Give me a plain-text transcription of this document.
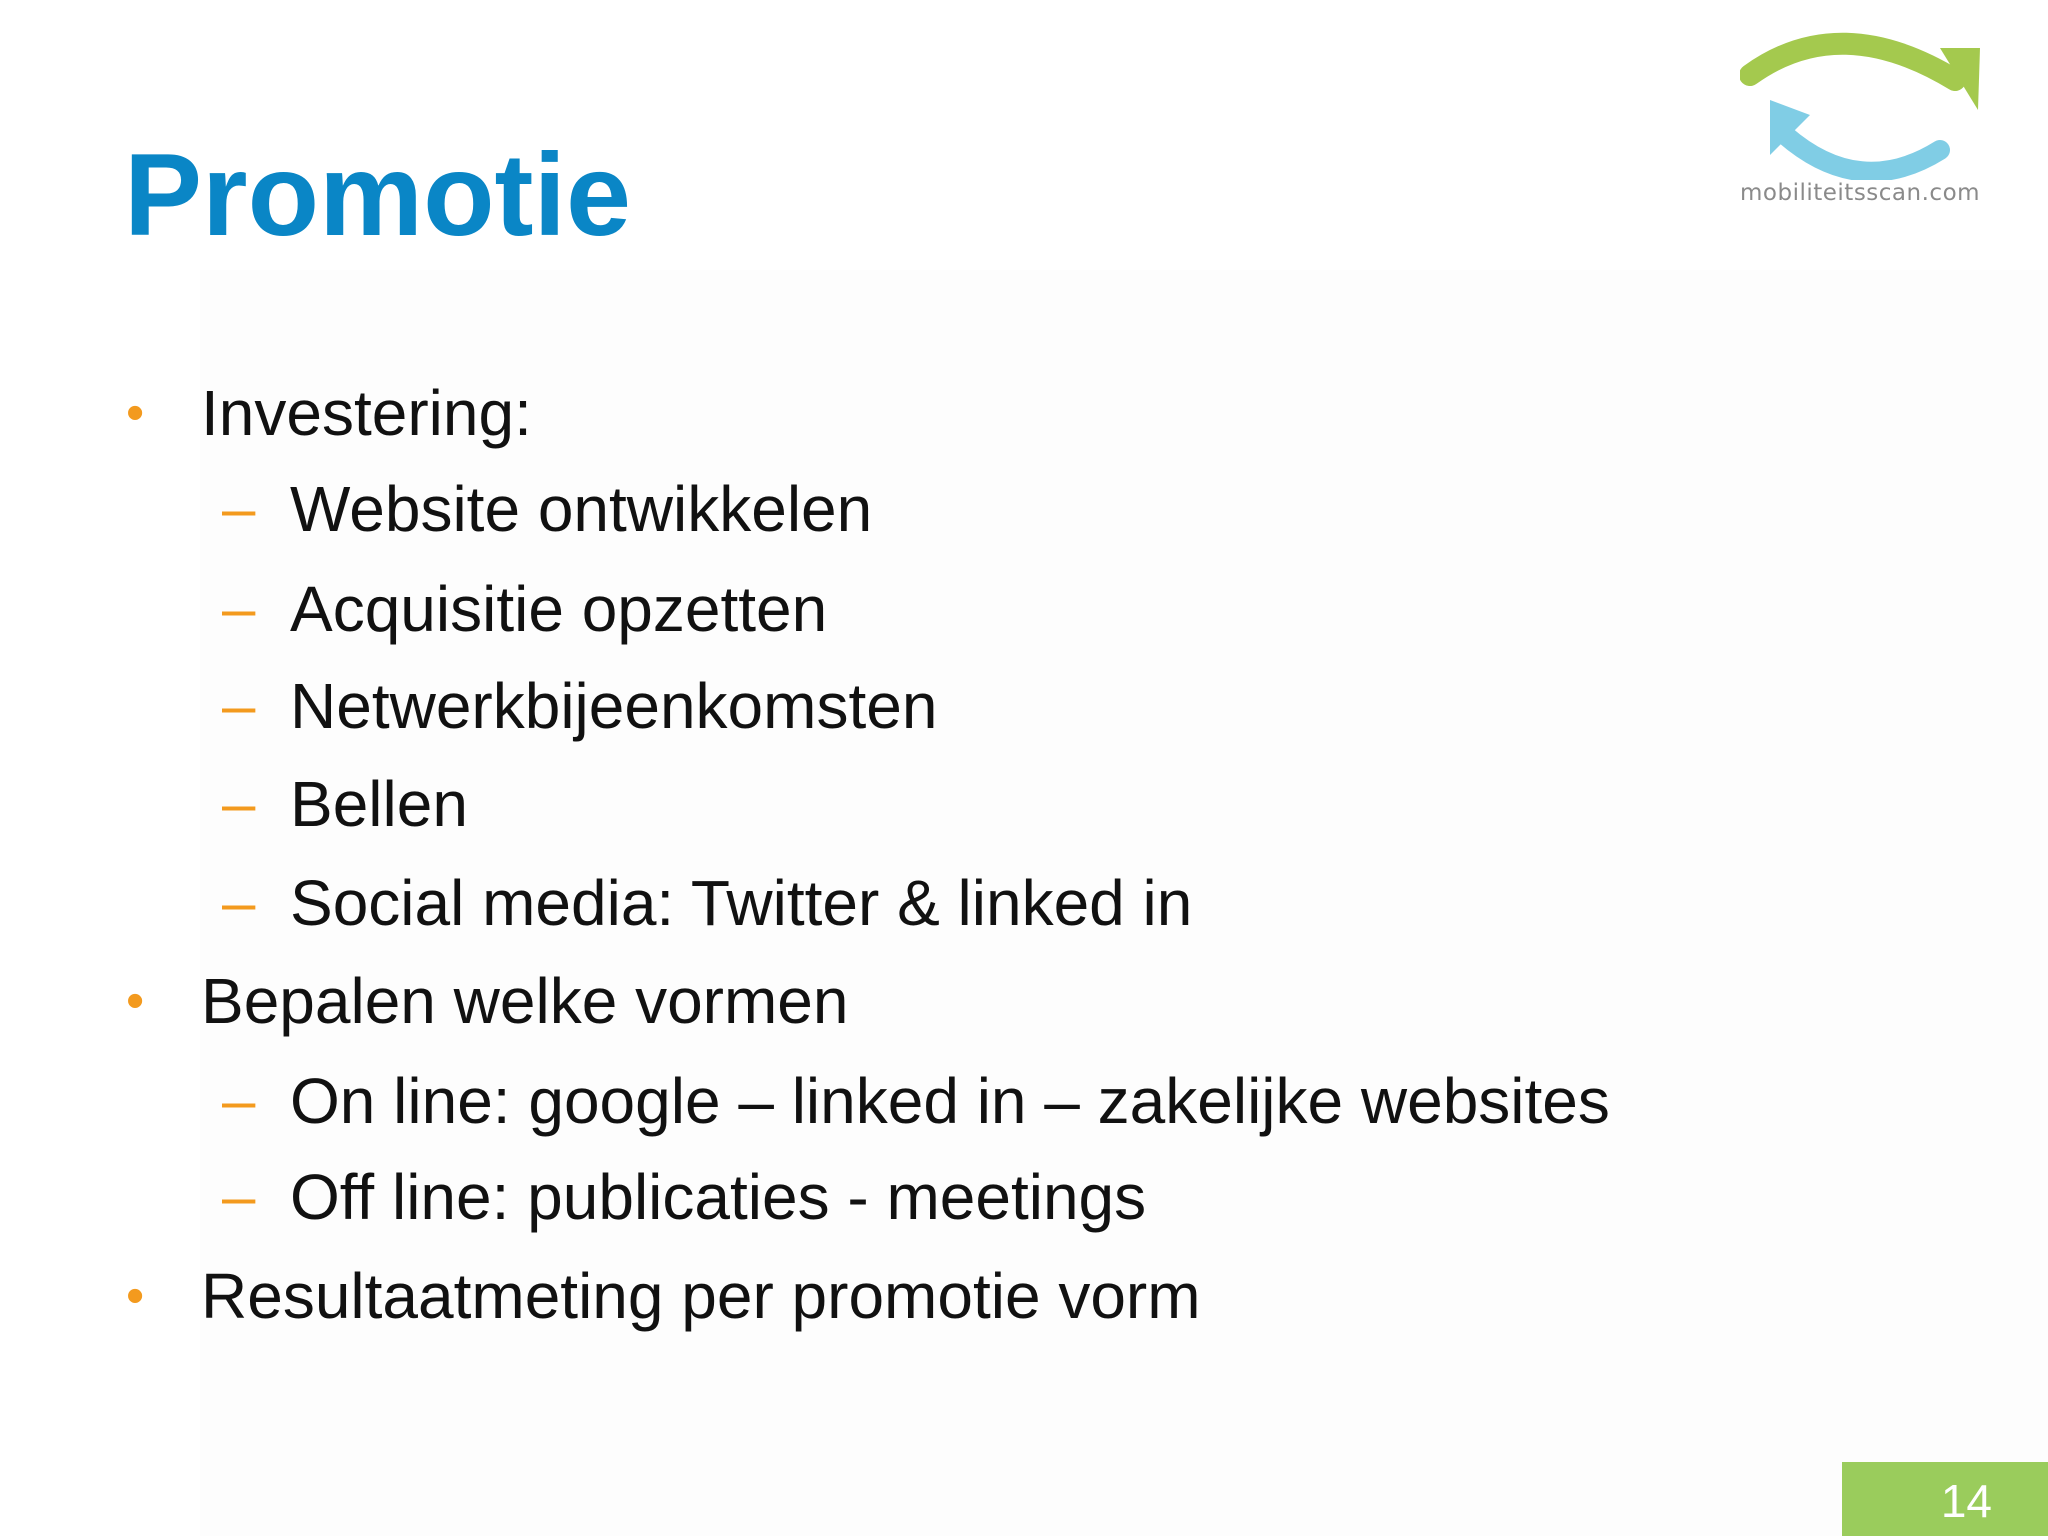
Promotie	mobiliteitsscan.com
• Investering:
– Website ontwikkelen
– Acquisitie opzetten
– Netwerkbijeenkomsten
– Bellen
– Social media: Twitter & linked in
• Bepalen welke vormen
– On line: google – linked in – zakelijke websites
– Off line: publicaties - meetings
• Resultaatmeting per promotie vorm
14
